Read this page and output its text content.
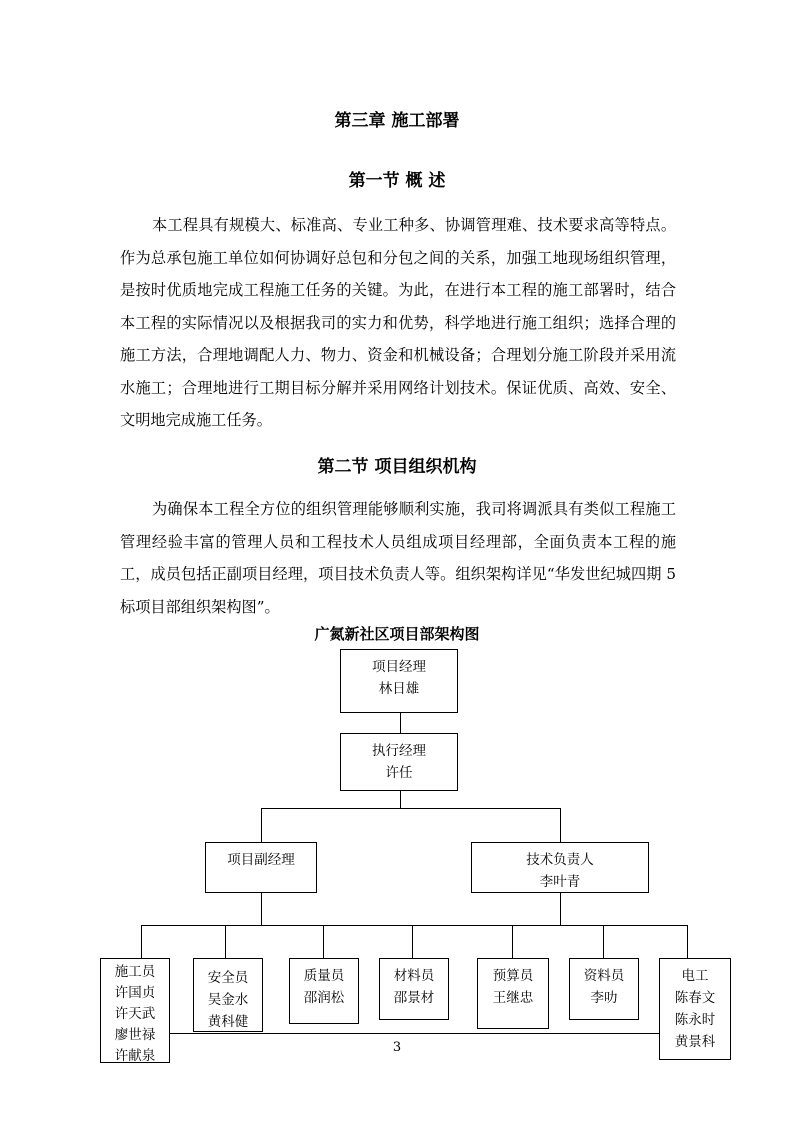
第三章 施工部署
第一节 概 述

本工程具有规模大、标准高、专业工种多、协调管理难、技术要求高等特点。作为总承包施工单位如何协调好总包和分包之间的关系，加强工地现场组织管理，是按时优质地完成工程施工任务的关键。为此，在进行本工程的施工部署时，结合本工程的实际情况以及根据我司的实力和优势，科学地进行施工组织；选择合理的施工方法，合理地调配人力、物力、资金和机械设备；合理划分施工阶段并采用流水施工；合理地进行工期目标分解并采用网络计划技术。保证优质、高效、安全、文明地完成施工任务。

第二节 项目组织机构

为确保本工程全方位的组织管理能够顺利实施，我司将调派具有类似工程施工管理经验丰富的管理人员和工程技术人员组成项目经理部，全面负责本工程的施工，成员包括正副项目经理，项目技术负责人等。组织架构详见“华发世纪城四期 5 标项目部组织架构图”。

广氮新社区项目部架构图
项目经理
林日雄
执行经理
许任
项目副经理	技术负责人
李叶青
施工员
许国贞
许天武
廖世禄
许献泉
安全员
吴金水
黄科健
质量员
邵润松
材料员
邵景材
预算员
王继忠
资料员
李叻
电工
陈春文
陈永时
黄景科
3
